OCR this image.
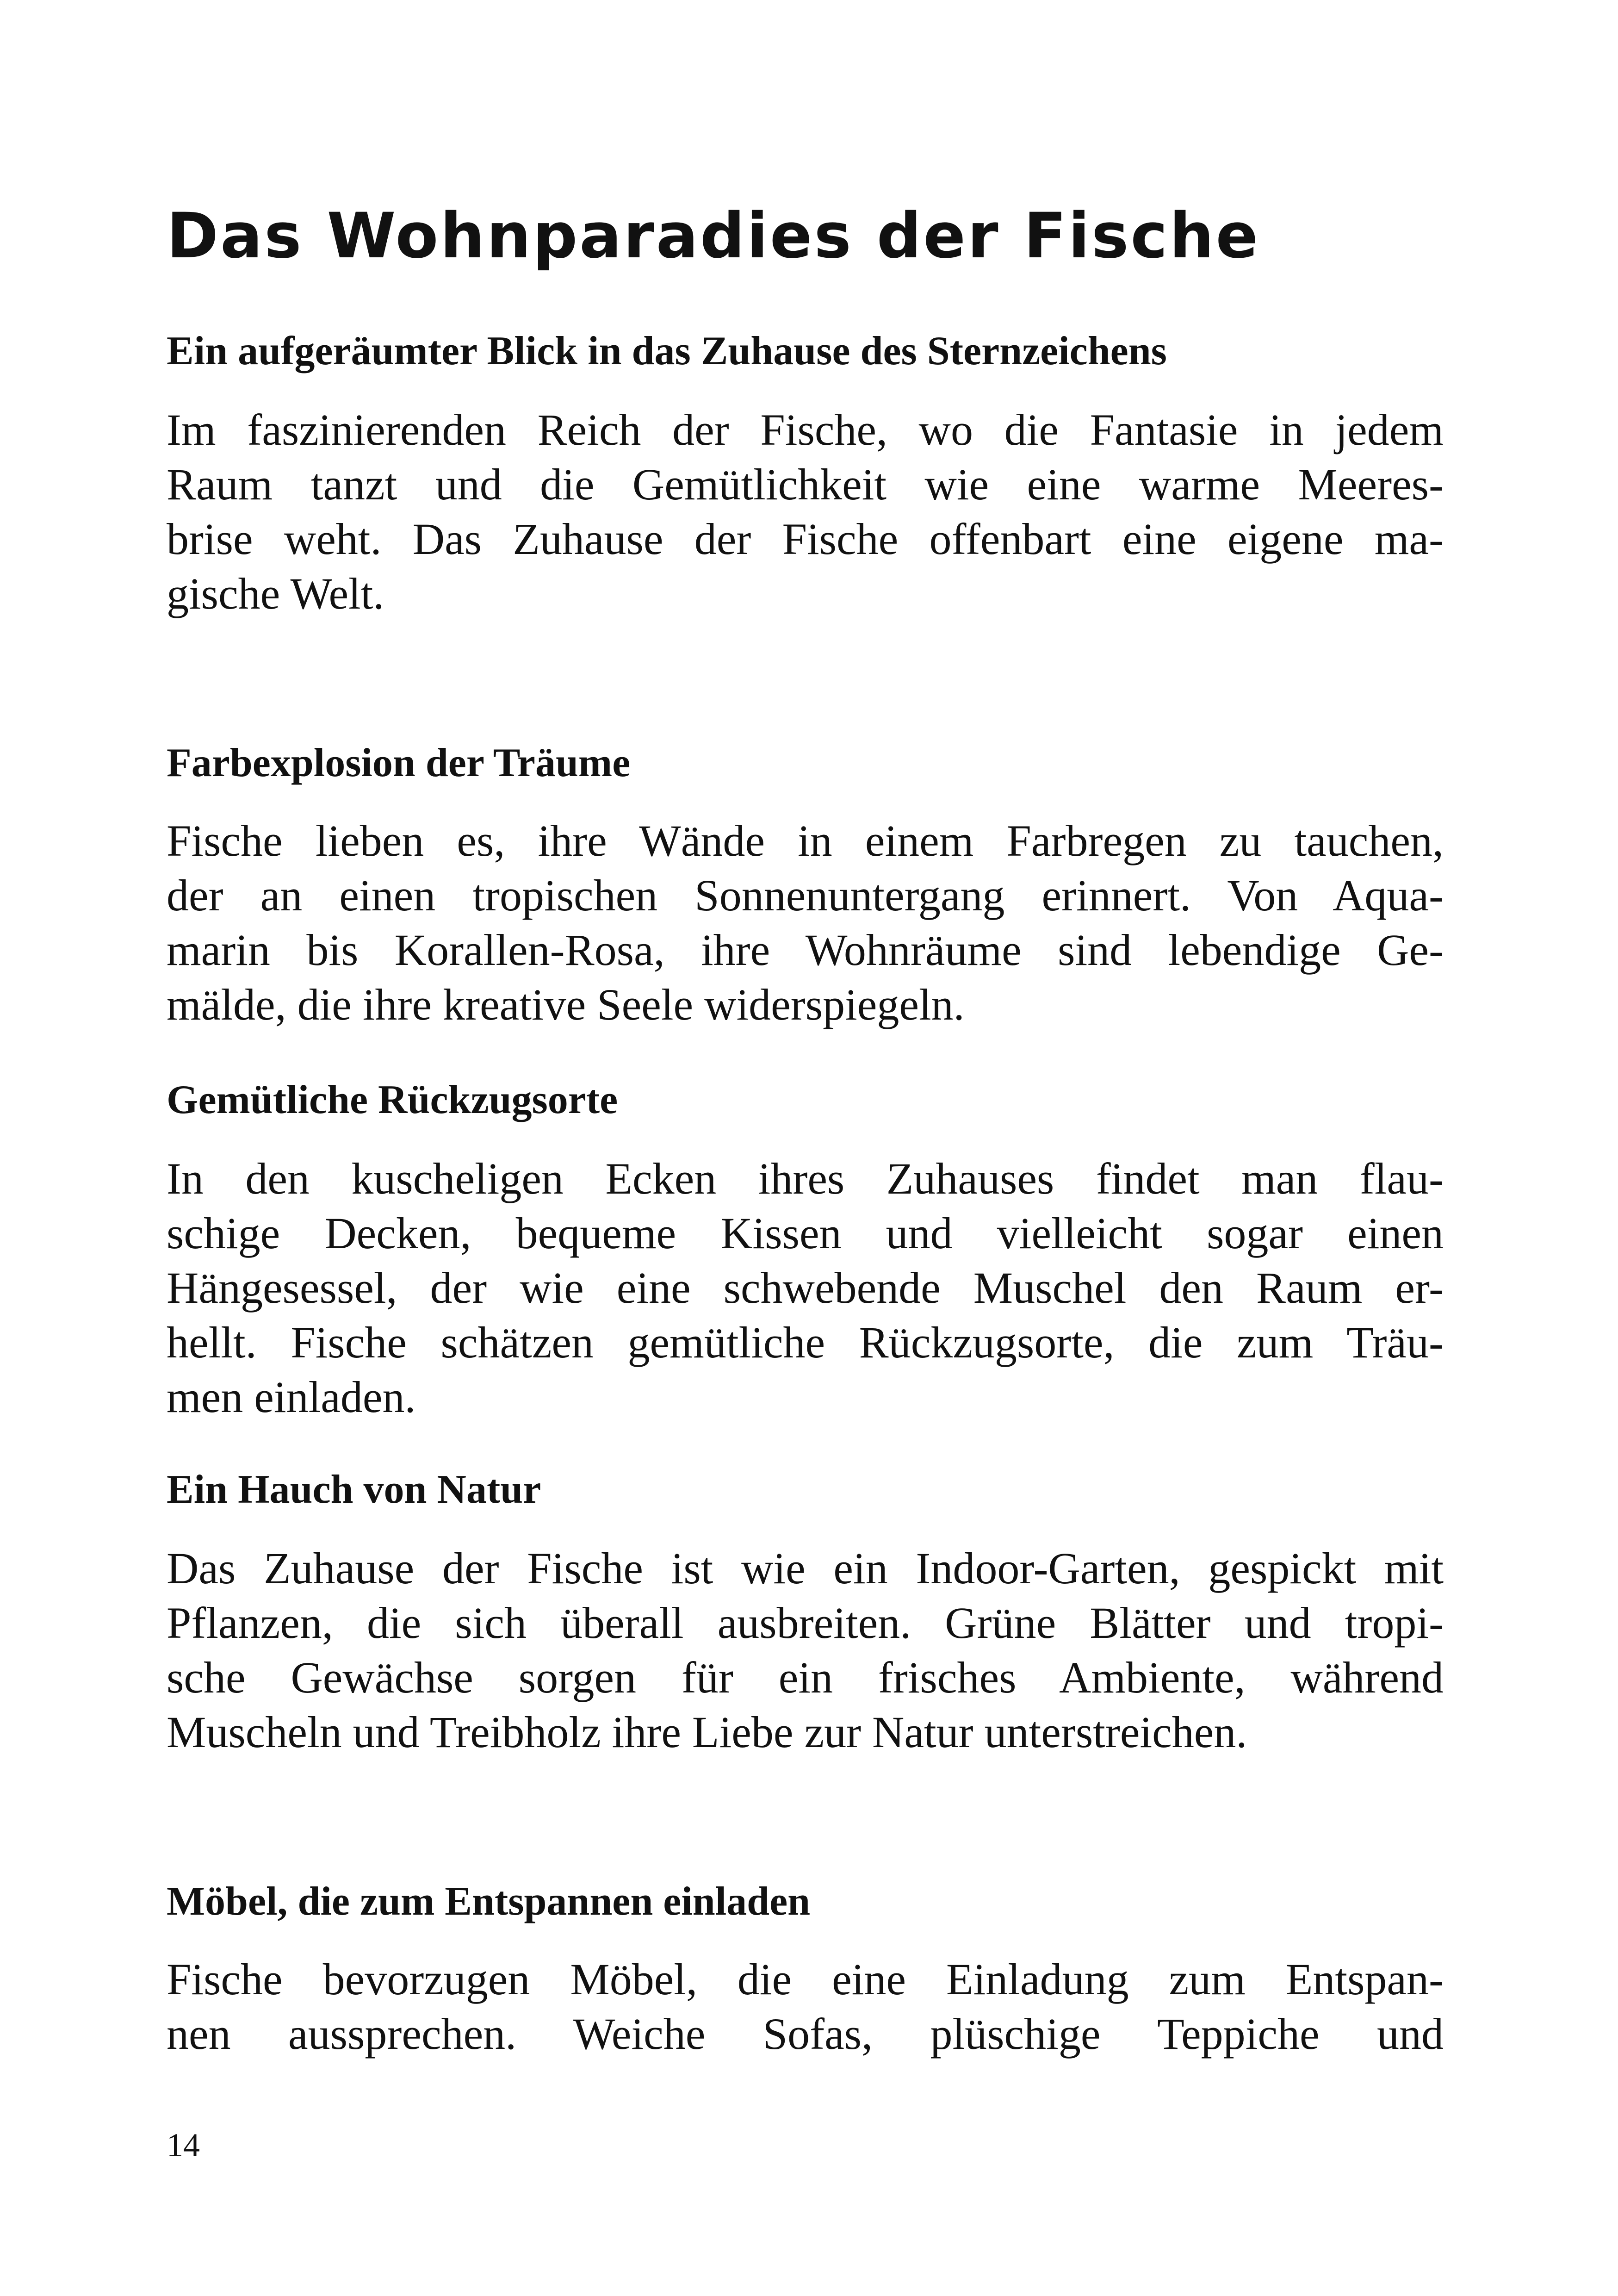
Das Wohnparadies der Fische
Ein aufgeräumter Blick in das Zuhause des Sternzeichens

Im faszinierenden Reich der Fische, wo die Fantasie in jedem
Raum tanzt und die Gemütlichkeit wie eine warme Meeres-
brise weht. Das Zuhause der Fische offenbart eine eigene ma-
gische Welt.

Farbexplosion der Träume

Fische lieben es, ihre Wände in einem Farbregen zu tauchen,
der an einen tropischen Sonnenuntergang erinnert. Von Aqua-
marin bis Korallen-Rosa, ihre Wohnräume sind lebendige Ge-
mälde, die ihre kreative Seele widerspiegeln.

Gemütliche Rückzugsorte

In den kuscheligen Ecken ihres Zuhauses findet man flau-
schige Decken, bequeme Kissen und vielleicht sogar einen
Hängesessel, der wie eine schwebende Muschel den Raum er-
hellt. Fische schätzen gemütliche Rückzugsorte, die zum Träu-
men einladen.

Ein Hauch von Natur

Das Zuhause der Fische ist wie ein Indoor-Garten, gespickt mit
Pflanzen, die sich überall ausbreiten. Grüne Blätter und tropi-
sche Gewächse sorgen für ein frisches Ambiente, während
Muscheln und Treibholz ihre Liebe zur Natur unterstreichen.

Möbel, die zum Entspannen einladen

Fische bevorzugen Möbel, die eine Einladung zum Entspan-
nen aussprechen. Weiche Sofas, plüschige Teppiche und

14
